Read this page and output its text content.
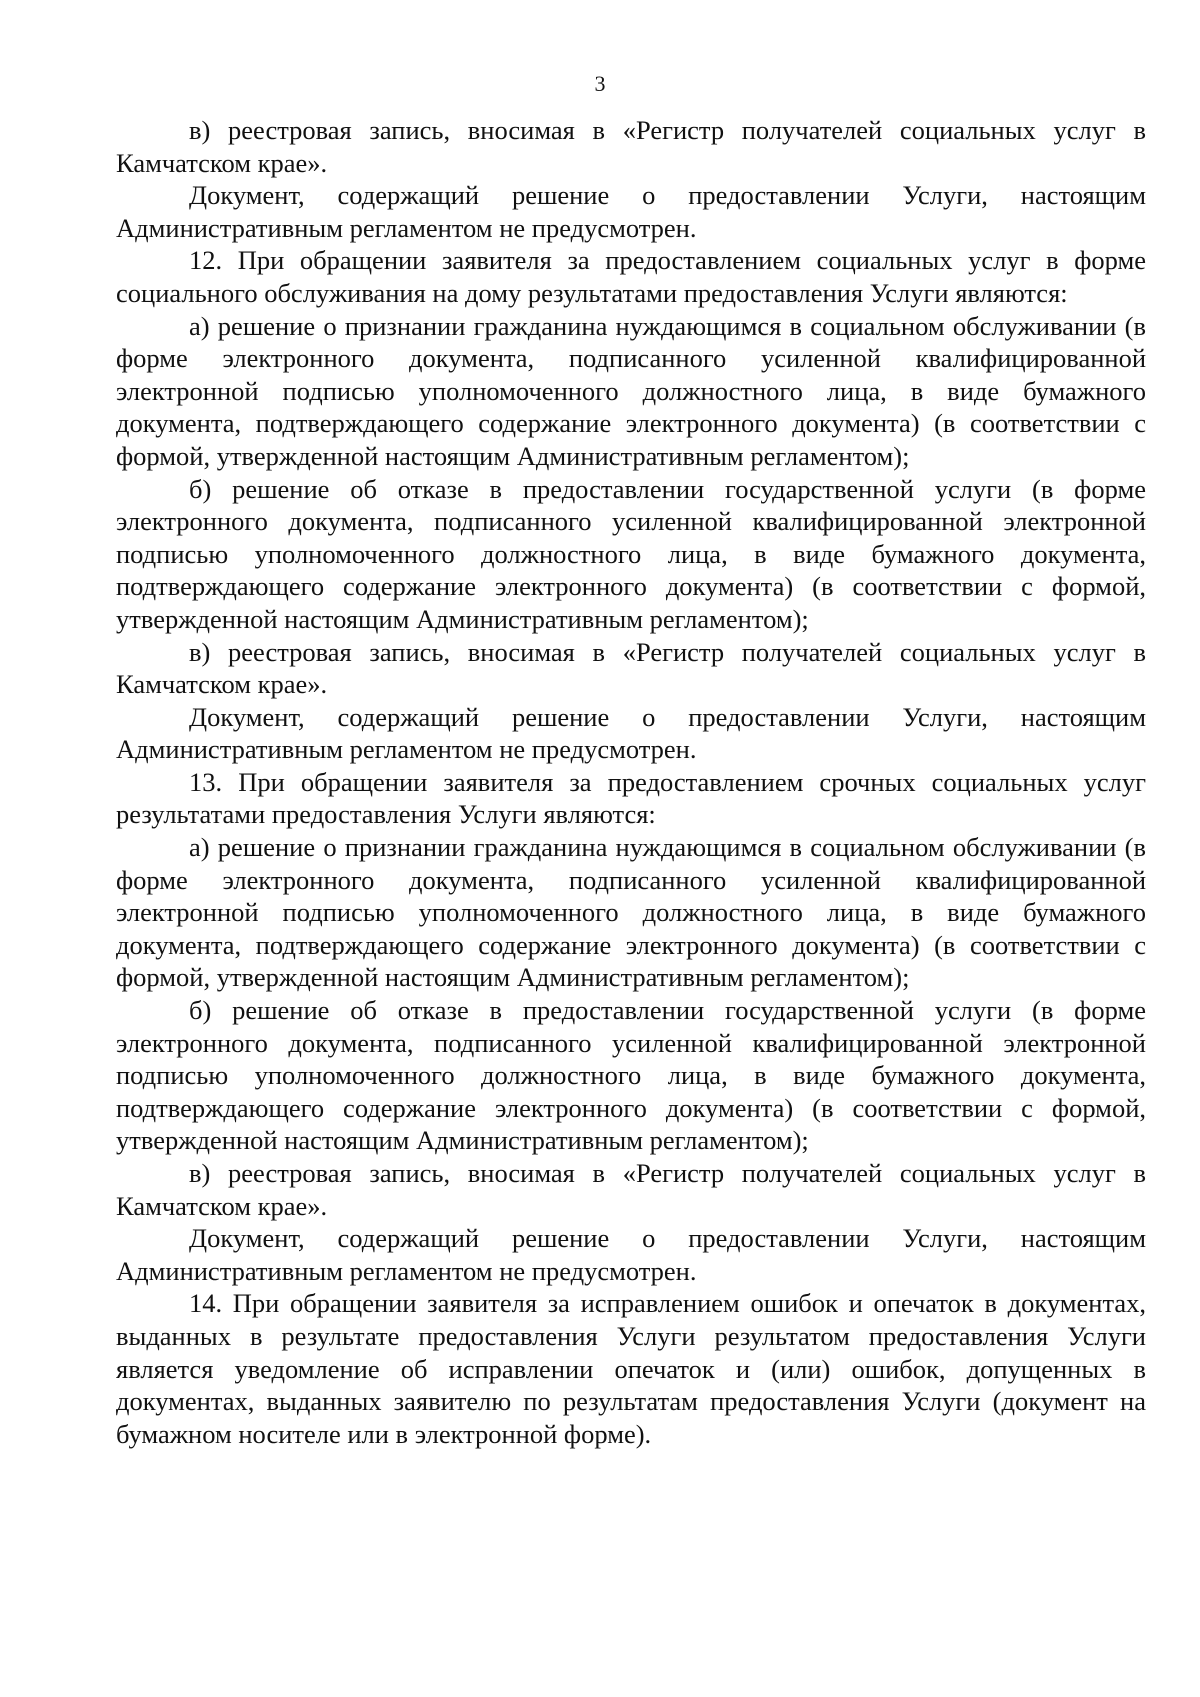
3

в) реестровая запись, вносимая в «Регистр получателей социальных услуг в Камчатском крае».

Документ, содержащий решение о предоставлении Услуги, настоящим Административным регламентом не предусмотрен.

12. При обращении заявителя за предоставлением социальных услуг в форме социального обслуживания на дому результатами предоставления Услуги являются:

а) решение о признании гражданина нуждающимся в социальном обслуживании (в форме электронного документа, подписанного усиленной квалифицированной электронной подписью уполномоченного должностного лица, в виде бумажного документа, подтверждающего содержание электронного документа) (в соответствии с формой, утвержденной настоящим Административным регламентом);

б) решение об отказе в предоставлении государственной услуги (в форме электронного документа, подписанного усиленной квалифицированной электронной подписью уполномоченного должностного лица, в виде бумажного документа, подтверждающего содержание электронного документа) (в соответствии с формой, утвержденной настоящим Административным регламентом);

в) реестровая запись, вносимая в «Регистр получателей социальных услуг в Камчатском крае».

Документ, содержащий решение о предоставлении Услуги, настоящим Административным регламентом не предусмотрен.

13. При обращении заявителя за предоставлением срочных социальных услуг результатами предоставления Услуги являются:

а) решение о признании гражданина нуждающимся в социальном обслуживании (в форме электронного документа, подписанного усиленной квалифицированной электронной подписью уполномоченного должностного лица, в виде бумажного документа, подтверждающего содержание электронного документа) (в соответствии с формой, утвержденной настоящим Административным регламентом);

б) решение об отказе в предоставлении государственной услуги (в форме электронного документа, подписанного усиленной квалифицированной электронной подписью уполномоченного должностного лица, в виде бумажного документа, подтверждающего содержание электронного документа) (в соответствии с формой, утвержденной настоящим Административным регламентом);

в) реестровая запись, вносимая в «Регистр получателей социальных услуг в Камчатском крае».

Документ, содержащий решение о предоставлении Услуги, настоящим Административным регламентом не предусмотрен.

14. При обращении заявителя за исправлением ошибок и опечаток в документах, выданных в результате предоставления Услуги результатом предоставления Услуги является уведомление об исправлении опечаток и (или) ошибок, допущенных в документах, выданных заявителю по результатам предоставления Услуги (документ на бумажном носителе или в электронной форме).
